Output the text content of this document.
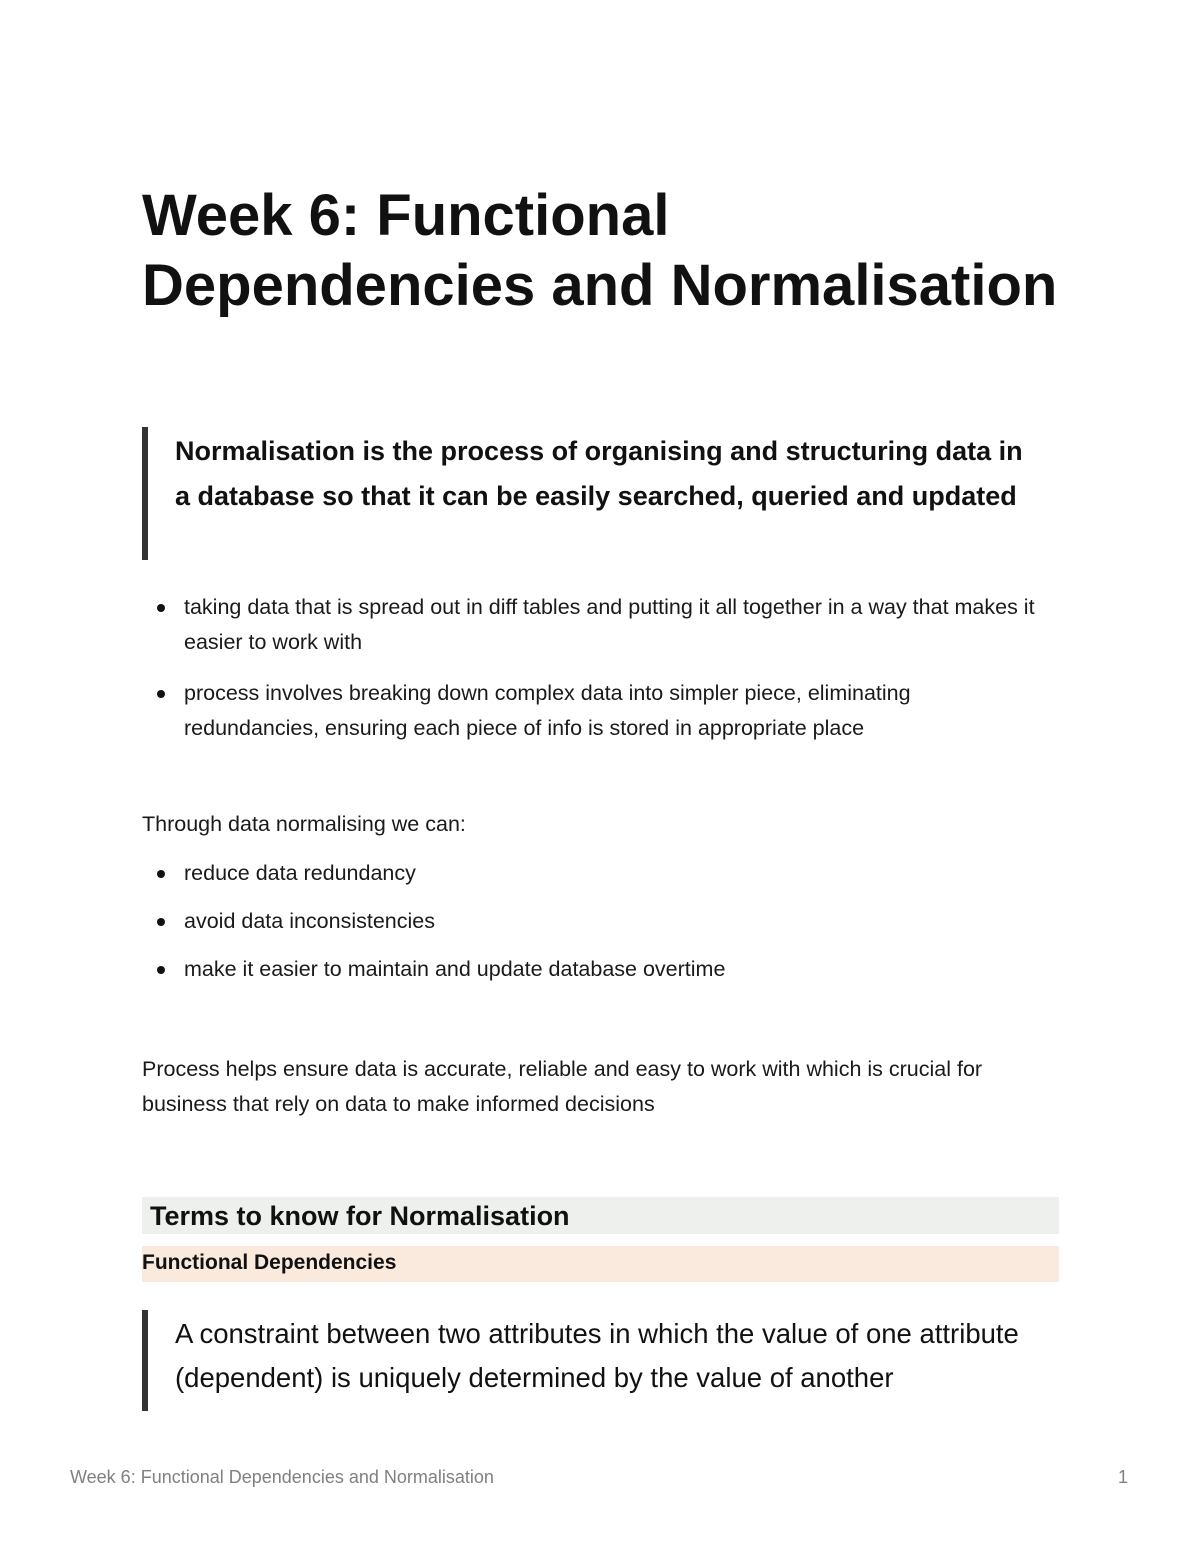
Week 6: Functional
Dependencies and Normalisation

Normalisation is the process of organising and structuring data in a database so that it can be easily searched, queried and updated

taking data that is spread out in diff tables and putting it all together in a way that makes it easier to work with
process involves breaking down complex data into simpler piece, eliminating redundancies, ensuring each piece of info is stored in appropriate place

Through data normalising we can:

reduce data redundancy
avoid data inconsistencies
make it easier to maintain and update database overtime

Process helps ensure data is accurate, reliable and easy to work with which is crucial for business that rely on data to make informed decisions

Terms to know for Normalisation
Functional Dependencies

A constraint between two attributes in which the value of one attribute (dependent) is uniquely determined by the value of another

Week 6: Functional Dependencies and Normalisation	1
